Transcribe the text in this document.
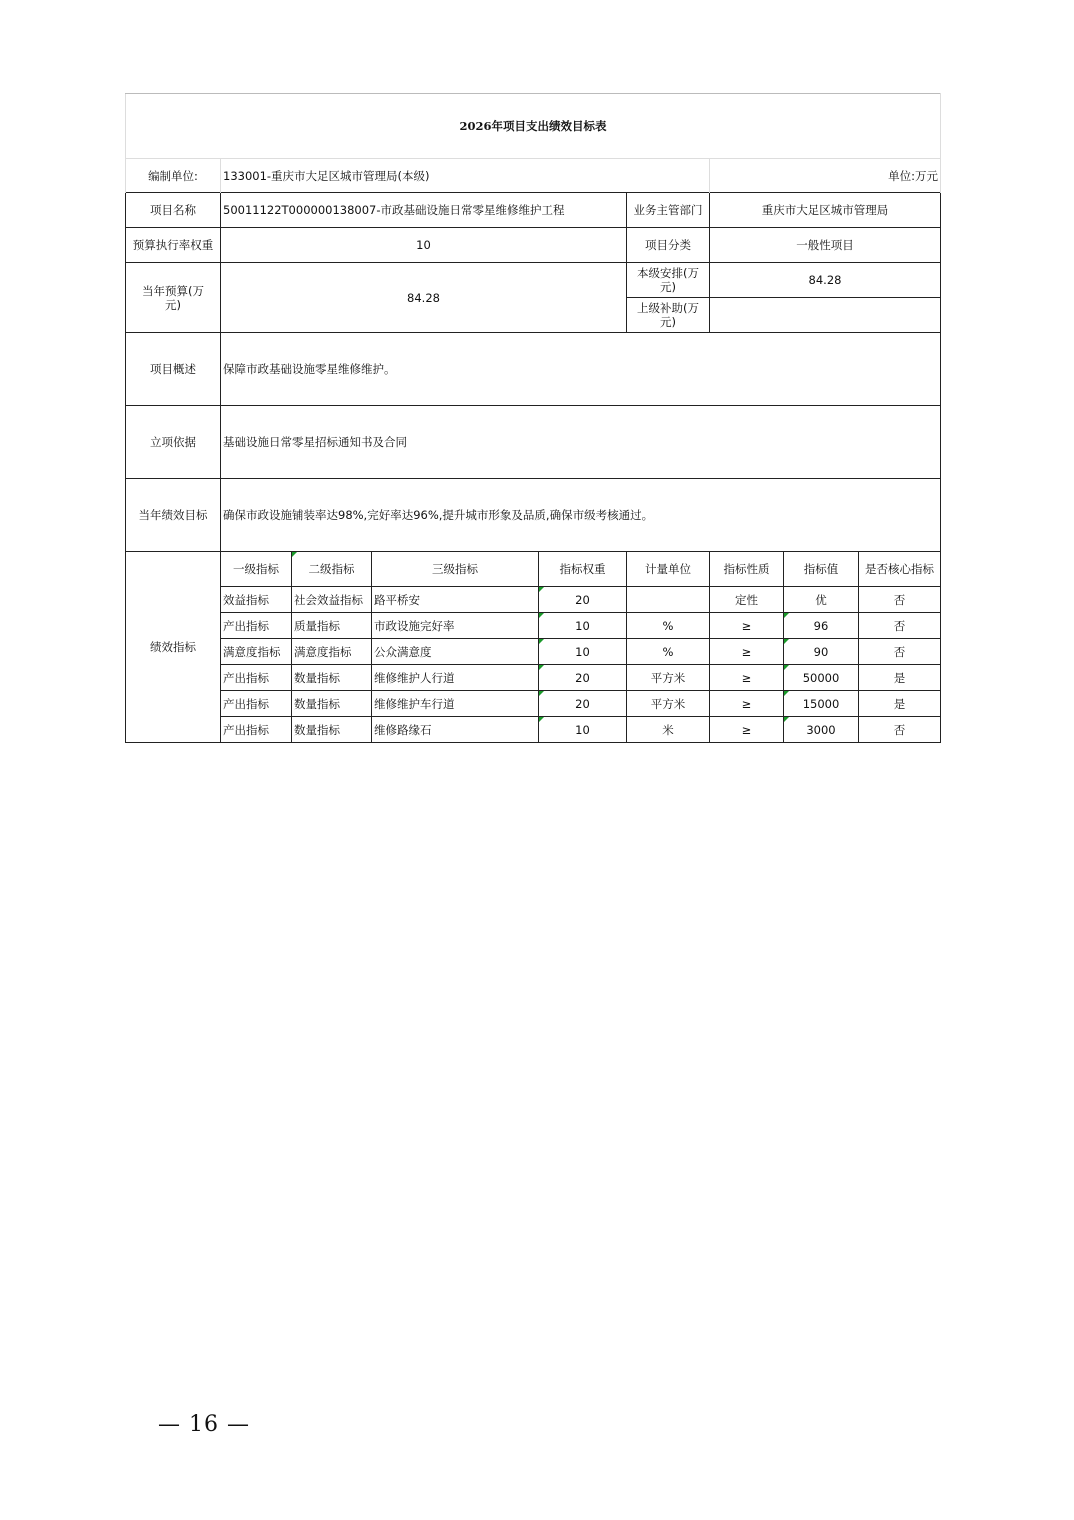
2026年项目支出绩效目标表								
编制单位:	133001-重庆市大足区城市管理局(本级)					单位:万元		
项目名称	50011122T000000138007-市政基础设施日常零星维修维护工程				业务主管部门	重庆市大足区城市管理局		
预算执行率权重	10				项目分类	一般性项目		
当年预算(万元)	84.28				本级安排(万元)	84.28		
					上级补助(万元)			
项目概述	保障市政基础设施零星维修维护。							
立项依据	基础设施日常零星招标通知书及合同							
当年绩效目标	确保市政设施铺装率达98%,完好率达96%,提升城市形象及品质,确保市级考核通过。							
绩效指标	一级指标	二级指标	三级指标	指标权重	计量单位	指标性质	指标值	是否核心指标
	效益指标	社会效益指标	路平桥安	20		定性	优	否
	产出指标	质量指标	市政设施完好率	10	%	≥	96	否
	满意度指标	满意度指标	公众满意度	10	%	≥	90	否
	产出指标	数量指标	维修维护人行道	20	平方米	≥	50000	是
	产出指标	数量指标	维修维护车行道	20	平方米	≥	15000	是
	产出指标	数量指标	维修路缘石	10	米	≥	3000	否
— 16 —
